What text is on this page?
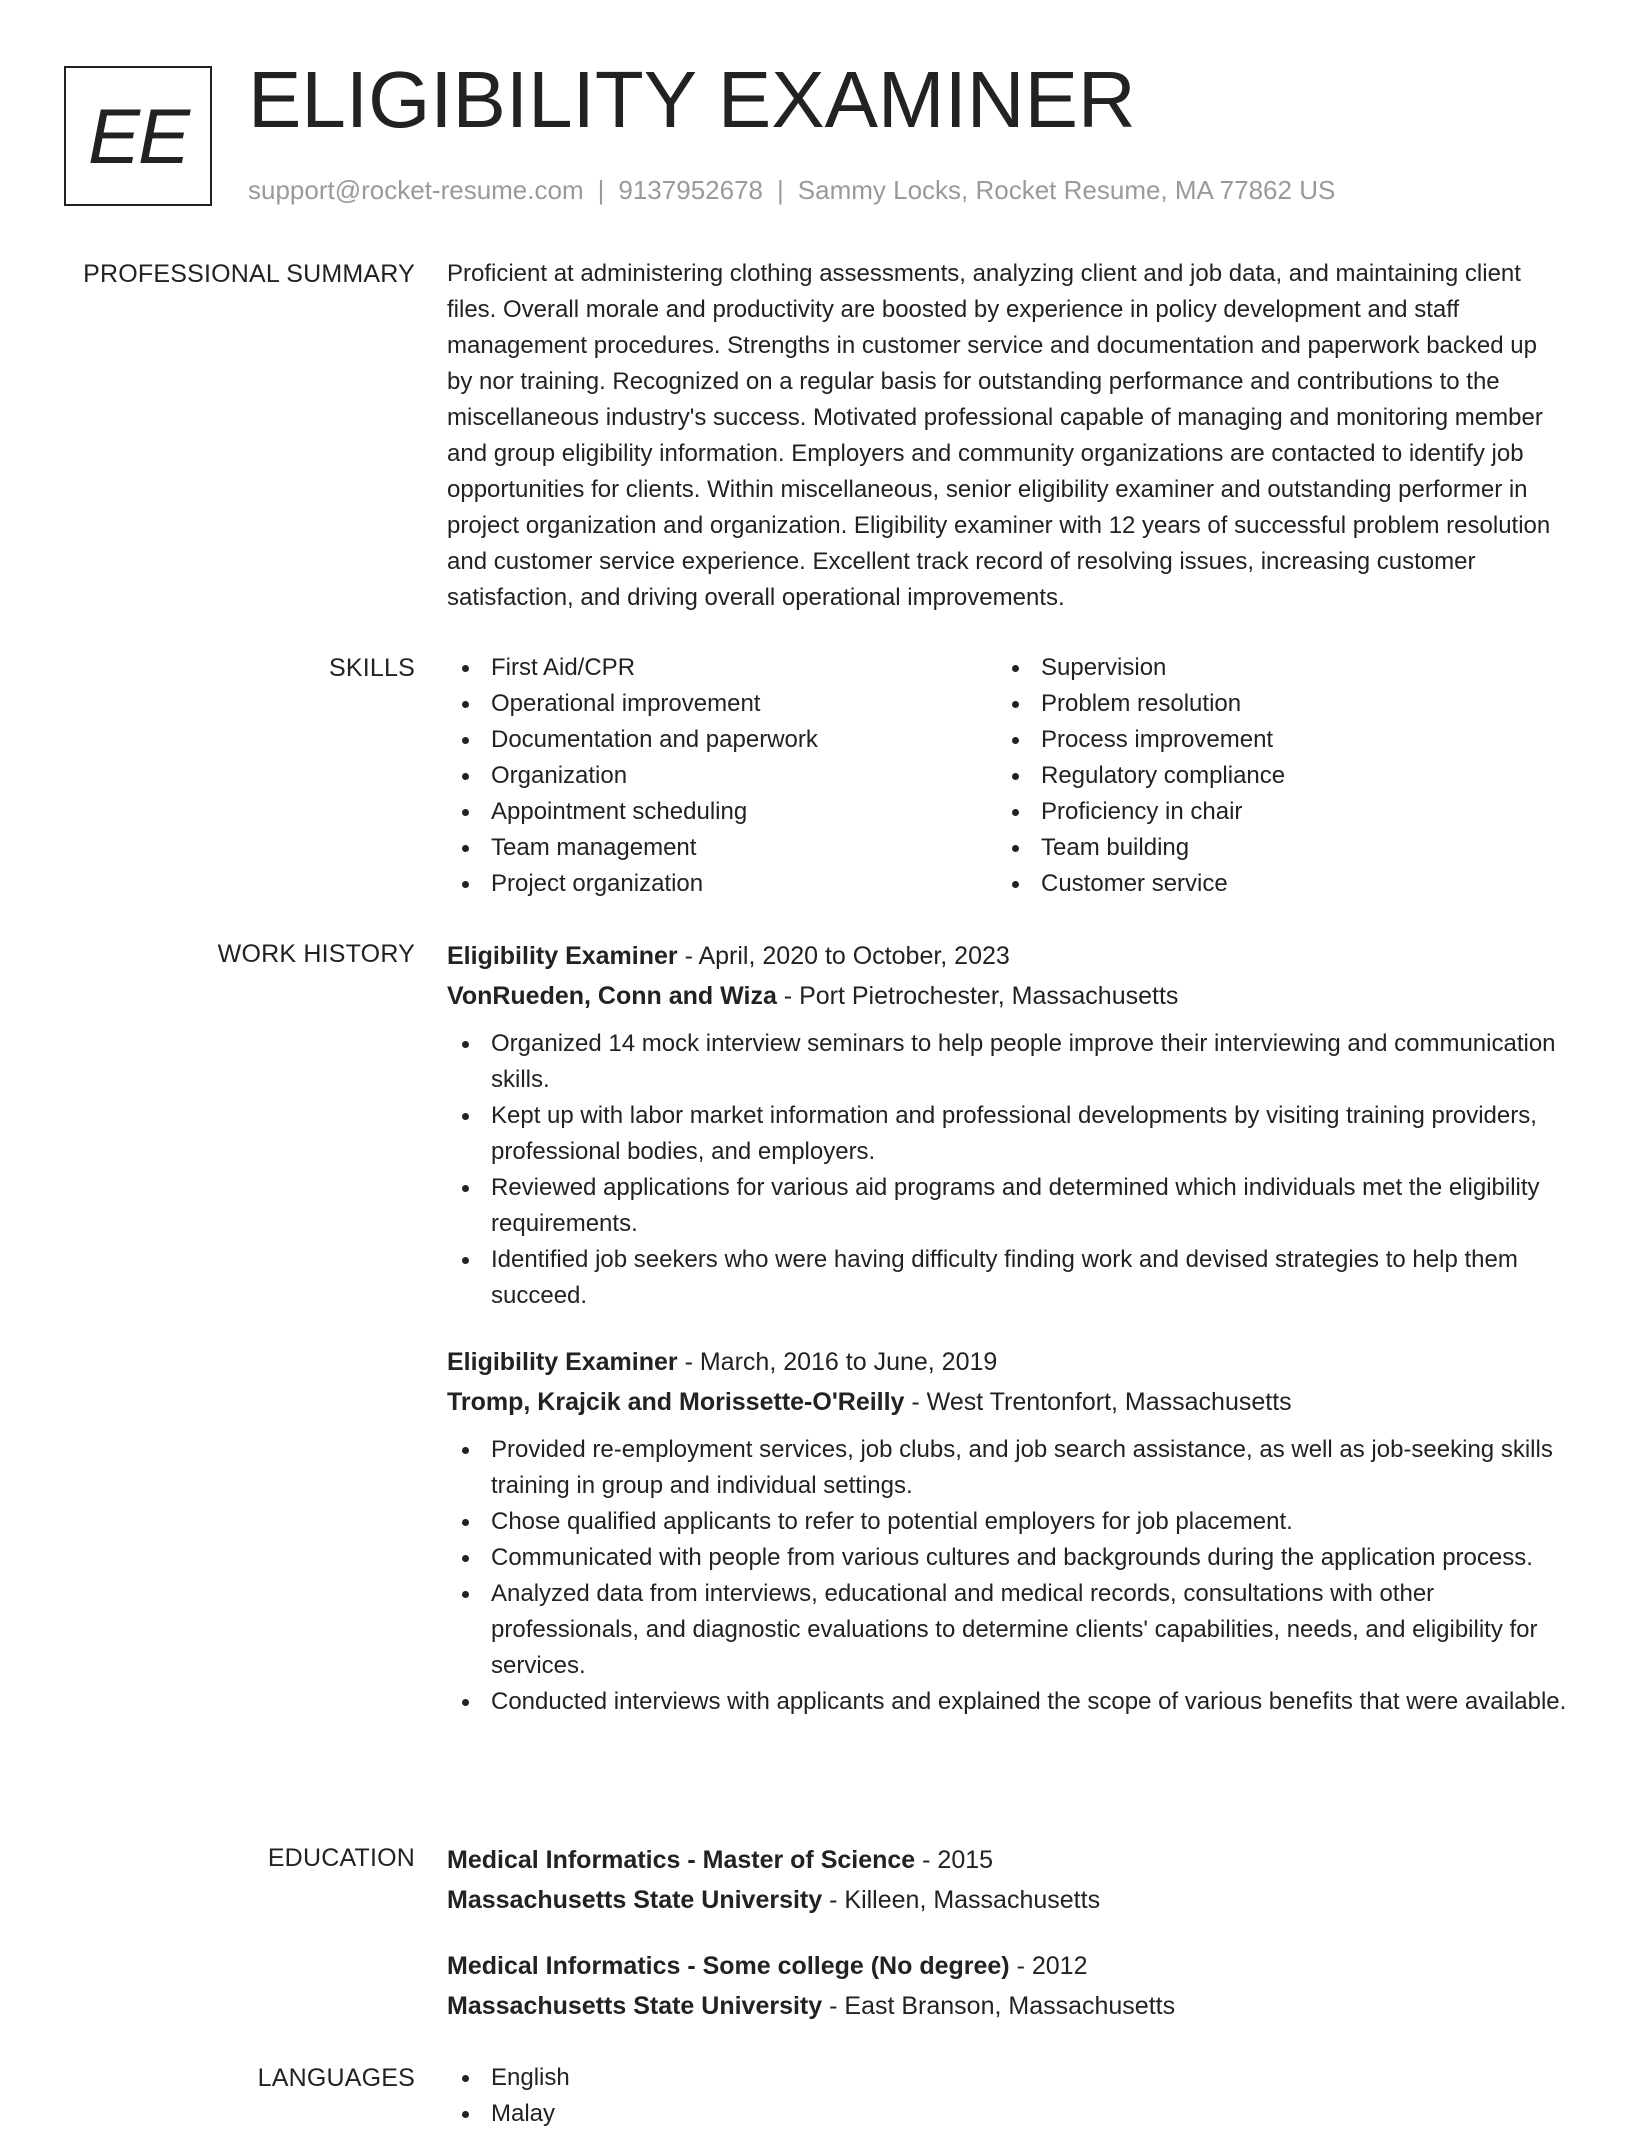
EE ELIGIBILITY EXAMINER
support@rocket-resume.com | 9137952678 | Sammy Locks, Rocket Resume, MA 77862 US
PROFESSIONAL SUMMARY Proficient at administering clothing assessments, analyzing client and job data, and maintaining client files. Overall morale and productivity are boosted by experience in policy development and staff management procedures. Strengths in customer service and documentation and paperwork backed up by nor training. Recognized on a regular basis for outstanding performance and contributions to the miscellaneous industry's success. Motivated professional capable of managing and monitoring member and group eligibility information. Employers and community organizations are contacted to identify job opportunities for clients. Within miscellaneous, senior eligibility examiner and outstanding performer in project organization and organization. Eligibility examiner with 12 years of successful problem resolution and customer service experience. Excellent track record of resolving issues, increasing customer satisfaction, and driving overall operational improvements.

SKILLS	First Aid/CPR
Operational improvement
Documentation and paperwork
Organization
Appointment scheduling
Team management
Project organization
Supervision
Problem resolution
Process improvement
Regulatory compliance
Proficiency in chair
Team building
Customer service
WORK HISTORY Eligibility Examiner - April, 2020 to October, 2023
VonRueden, Conn and Wiza - Port Pietrochester, Massachusetts
Organized 14 mock interview seminars to help people improve their interviewing and communication skills.
Kept up with labor market information and professional developments by visiting training providers, professional bodies, and employers.
Reviewed applications for various aid programs and determined which individuals met the eligibility requirements.
Identified job seekers who were having difficulty finding work and devised strategies to help them succeed.
Eligibility Examiner - March, 2016 to June, 2019
Tromp, Krajcik and Morissette-O'Reilly - West Trentonfort, Massachusetts
Provided re-employment services, job clubs, and job search assistance, as well as job-seeking skills training in group and individual settings.
Chose qualified applicants to refer to potential employers for job placement.
Communicated with people from various cultures and backgrounds during the application process.
Analyzed data from interviews, educational and medical records, consultations with other professionals, and diagnostic evaluations to determine clients' capabilities, needs, and eligibility for services.
Conducted interviews with applicants and explained the scope of various benefits that were available.
EDUCATION Medical Informatics - Master of Science - 2015
Massachusetts State University - Killeen, Massachusetts
Medical Informatics - Some college (No degree) - 2012
Massachusetts State University - East Branson, Massachusetts
LANGUAGES	English
Malay
